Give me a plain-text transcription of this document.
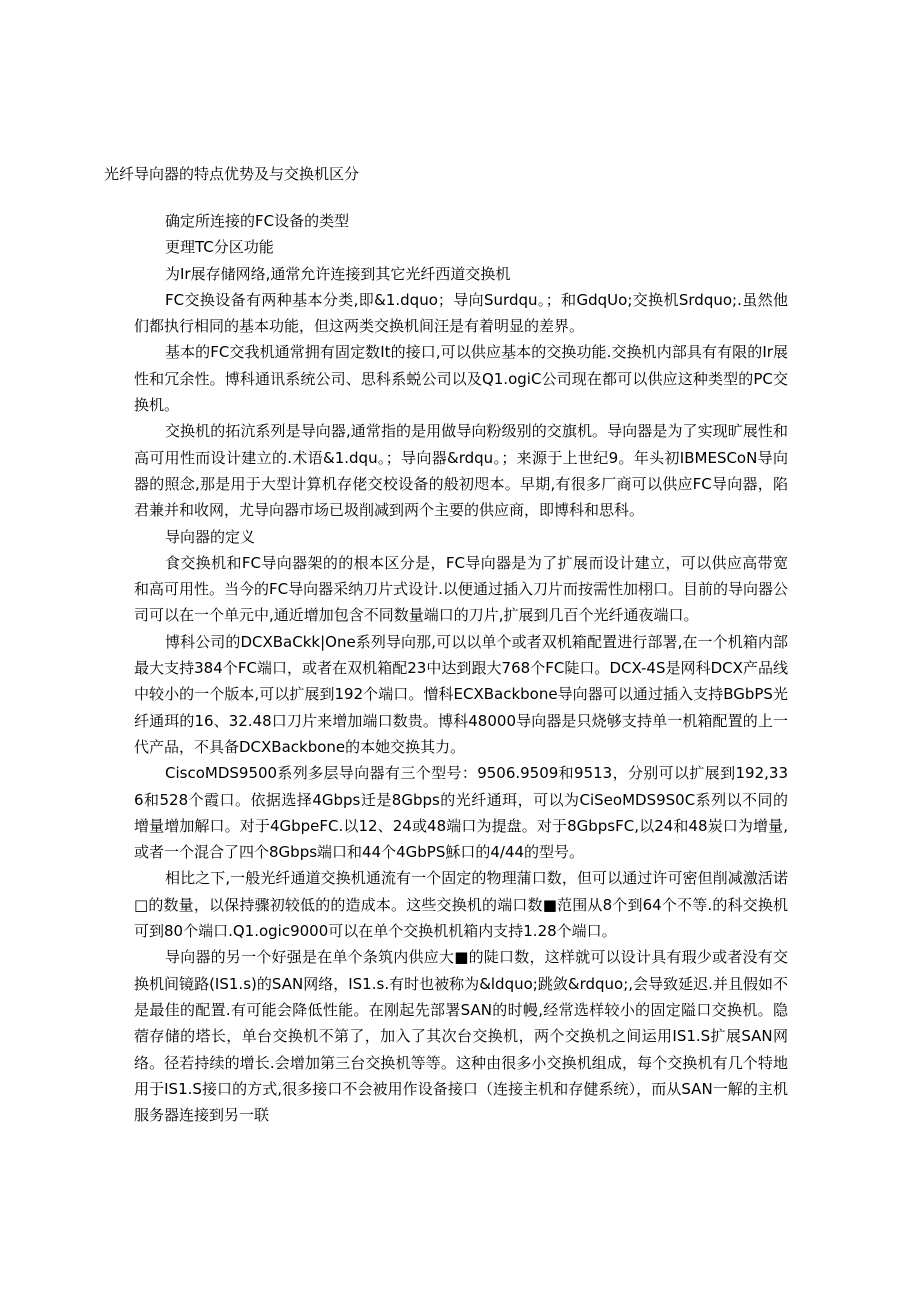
光纤导向器的特点优势及与交换机区分

确定所连接的FC设备的类型

更理TC分区功能

为Ir展存储网络,通常允许连接到其它光纤西道交换机

FC交换设备有两种基本分类,即&1.dquo；导向Surdqu。；和GdqUo;交换机Srdquo;.虽然他们都执行相同的基本功能，但这两类交换机间汪是有着明显的差界。

基本的FC交我机通常拥有固定数It的接口,可以供应基本的交换功能.交换机内部具有有限的Ir展性和冗余性。博科通讯系统公司、思科系蜕公司以及Q1.ogiC公司现在都可以供应这种类型的PC交换机。

交换机的拓沆系列是导向器,通常指的是用做导向粉级别的交旗机。导向器是为了实现旷展性和高可用性而设计建立的.术语&1.dqu。；导向器&rdqu。；来源于上世纪9。年头初IBMESCoN导向器的照念,那是用于大型计算机存佬交校设备的般初咫本。早期,有很多厂商可以供应FC导向器，陷君兼并和收网，尤导向器市场已圾削减到两个主要的供应商，即博科和思科。

导向器的定义

食交换机和FC导向器架的的根本区分是，FC导向器是为了扩展而设计建立，可以供应高带宽和高可用性。当今的FC导向器采纳刀片式设计.以便通过插入刀片而按需性加栩口。目前的导向器公司可以在一个单元中,通近增加包含不同数量端口的刀片,扩展到几百个光纤通夜端口。

博科公司的DCXBaCkk|One系列导向那,可以以单个或者双机箱配置进行部署,在一个机箱内部最大支持384个FC端口，或者在双机箱配23中达到跟大768个FC陡口。DCX-4S是网科DCX产品线中较小的一个版本,可以扩展到192个端口。憎科ECXBackbone导向器可以通过插入支持BGbPS光纤通珥的16、32.48口刀片来增加端口数贵。博科48000导向器是只烧够支持单一机箱配置的上一代产品，不具备DCXBackbone的本她交换其力。

CiscoMDS9500系列多层导向器有三个型号：9506.9509和9513，分别可以扩展到192,336和528个霞口。依据选择4Gbps迁是8Gbps的光纤通珥，可以为CiSeoMDS9S0C系列以不同的增量增加解口。对于4GbpeFC.以12、24或48端口为提盘。对于8GbpsFC,以24和48炭口为增量,或者一个混合了四个8Gbps端口和44个4GbPS穌口的4/44的型号。

相比之下,一般光纤通道交换机通流有一个固定的物理蒲口数，但可以通过许可密但削减激活诺□的数量，以保持骤初较低的的造成本。这些交换机的端口数■范围从8个到64个不等.的科交换机可到80个端口.Q1.ogic9000可以在单个交换机机箱内支持1.28个端口。

导向器的另一个好强是在单个条筑内供应大■的陡口数，这样就可以设计具有瑕少或者没有交换机间镜路(IS1.s)的SAN网络，IS1.s.有时也被称为&ldquo;跳敛&rdquo;,会导致延迟.并且假如不是最佳的配置.有可能会降低性能。在刚起先部署SAN的时幔,经常选样较小的固定隘口交换机。隐蓿存储的塔长，单台交换机不第了，加入了其次台交换机，两个交换机之间运用IS1.S扩展SAN网络。径若持续的增长.会增加第三台交换机等等。这种由很多小交换机组成，每个交换机有几个特地用于IS1.S接口的方式,很多接口不会被用作设备接口（连接主机和存健系统），而从SAN一解的主机服务器连接到另一联
